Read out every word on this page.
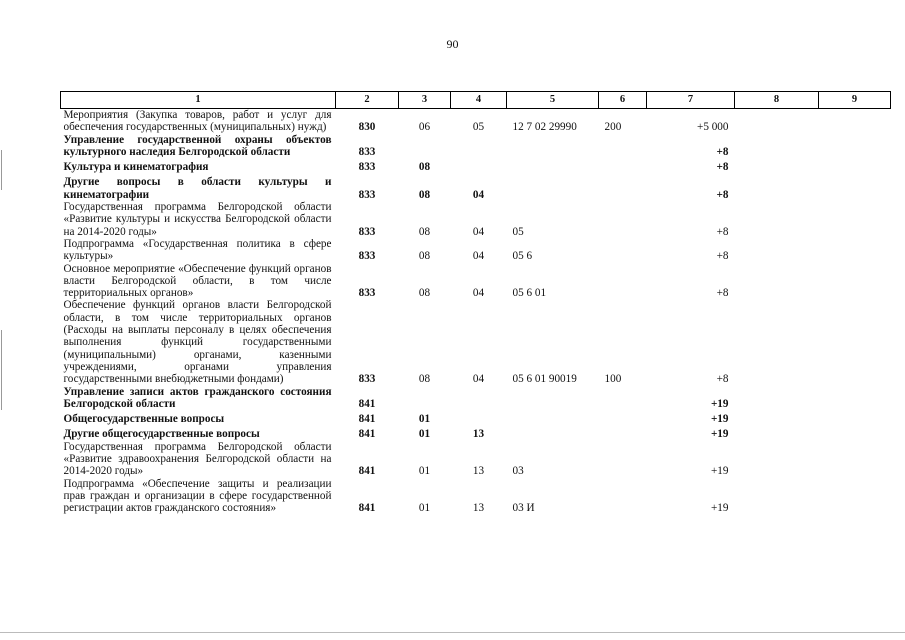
90
1	2	3	4	5	6	7	8	9
Мероприятия (Закупка товаров, работ и услуг для обеспечения государственных (муниципальных) нужд)	830	06	05	12 7 02 29990	200	+5 000		
Управление государственной охраны объектов культурного наследия Белгородской области	833					+8		
Культура и кинематография	833	08				+8		
Другие вопросы в области культуры и кинематографии	833	08	04			+8		
Государственная программа Белгородской области «Развитие культуры и искусства Белгородской области на 2014-2020 годы»	833	08	04	05		+8		
Подпрограмма «Государственная политика в сфере культуры»	833	08	04	05 6		+8		
Основное мероприятие «Обеспечение функций органов власти Белгородской области, в том числе территориальных органов»	833	08	04	05 6 01		+8		
Обеспечение функций органов власти Белгородской области, в том числе территориальных органов (Расходы на выплаты персоналу в целях обеспечения выполнения функций государственными (муниципальными) органами, казенными учреждениями, органами управления государственными внебюджетными фондами)	833	08	04	05 6 01 90019	100	+8		
Управление записи актов гражданского состояния Белгородской области	841					+19		
Общегосударственные вопросы	841	01				+19		
Другие общегосударственные вопросы	841	01	13			+19		
Государственная программа Белгородской области «Развитие здравоохранения Белгородской области на 2014-2020 годы»	841	01	13	03		+19		
Подпрограмма «Обеспечение защиты и реализации прав граждан и организации в сфере государственной регистрации актов гражданского состояния»	841	01	13	03 И		+19		
